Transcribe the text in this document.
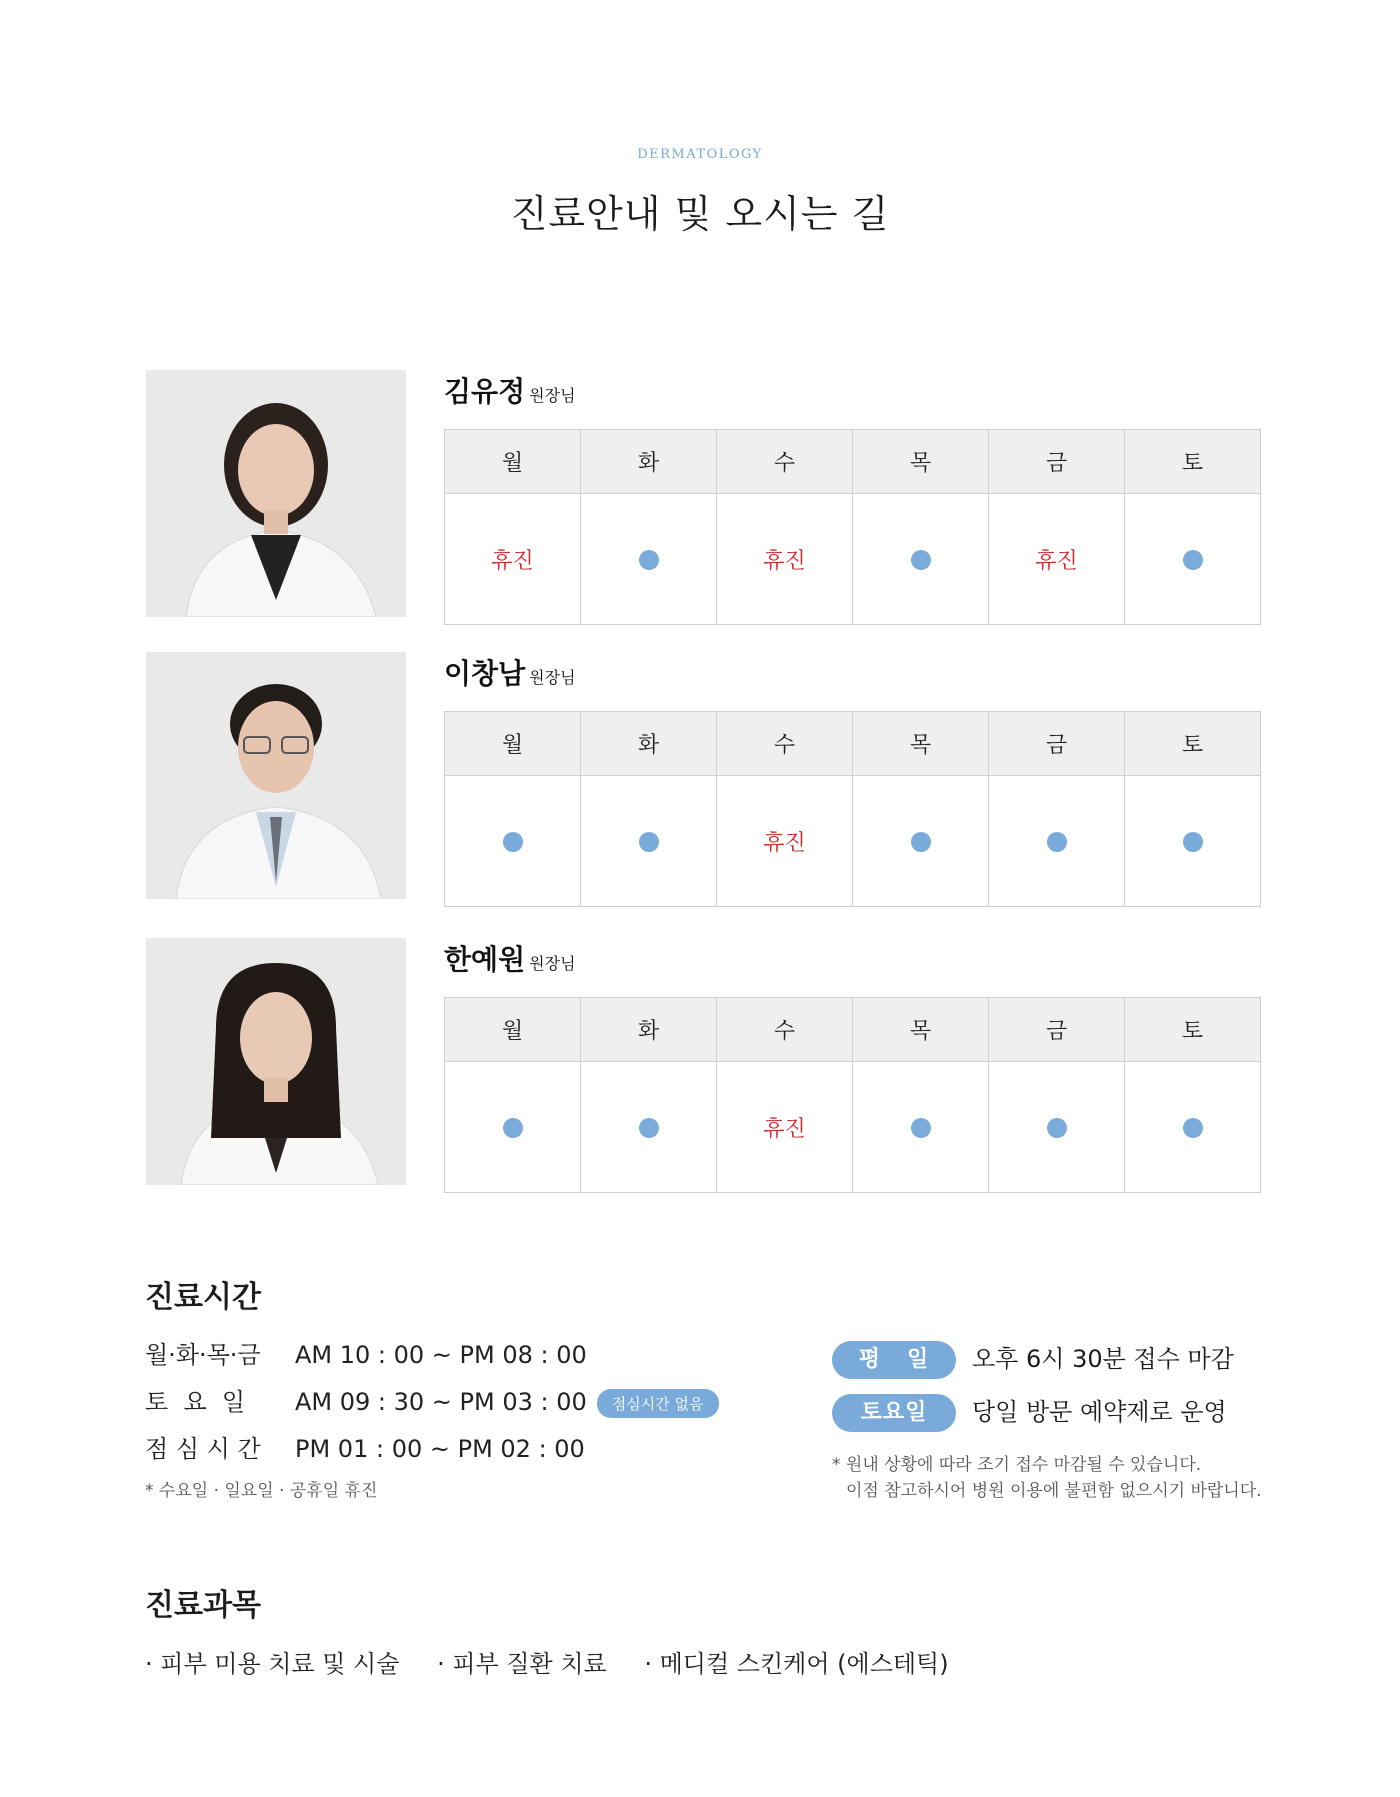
DERMATOLOGY
진료안내 및 오시는 길
김유정 원장님
월	화	수	목	금	토
휴진		휴진		휴진	
이창남 원장님
월	화	수	목	금	토
		휴진			
한예원 원장님
월	화	수	목	금	토
		휴진			
진료시간
월·화·목·금 AM 10 : 00 ~ PM 08 : 00
토  요  일 AM 09 : 30 ~ PM 03 : 00 점심시간 없음
점 심 시 간 PM 01 : 00 ~ PM 02 : 00
* 수요일 · 일요일 · 공휴일 휴진
평   일 오후 6시 30분 접수 마감
토요일 당일 방문 예약제로 운영
* 원내 상황에 따라 조기 접수 마감될 수 있습니다.
이점 참고하시어 병원 이용에 불편함 없으시기 바랍니다.
진료과목
· 피부 미용 치료 및 시술 · 피부 질환 치료 · 메디컬 스킨케어 (에스테틱)
